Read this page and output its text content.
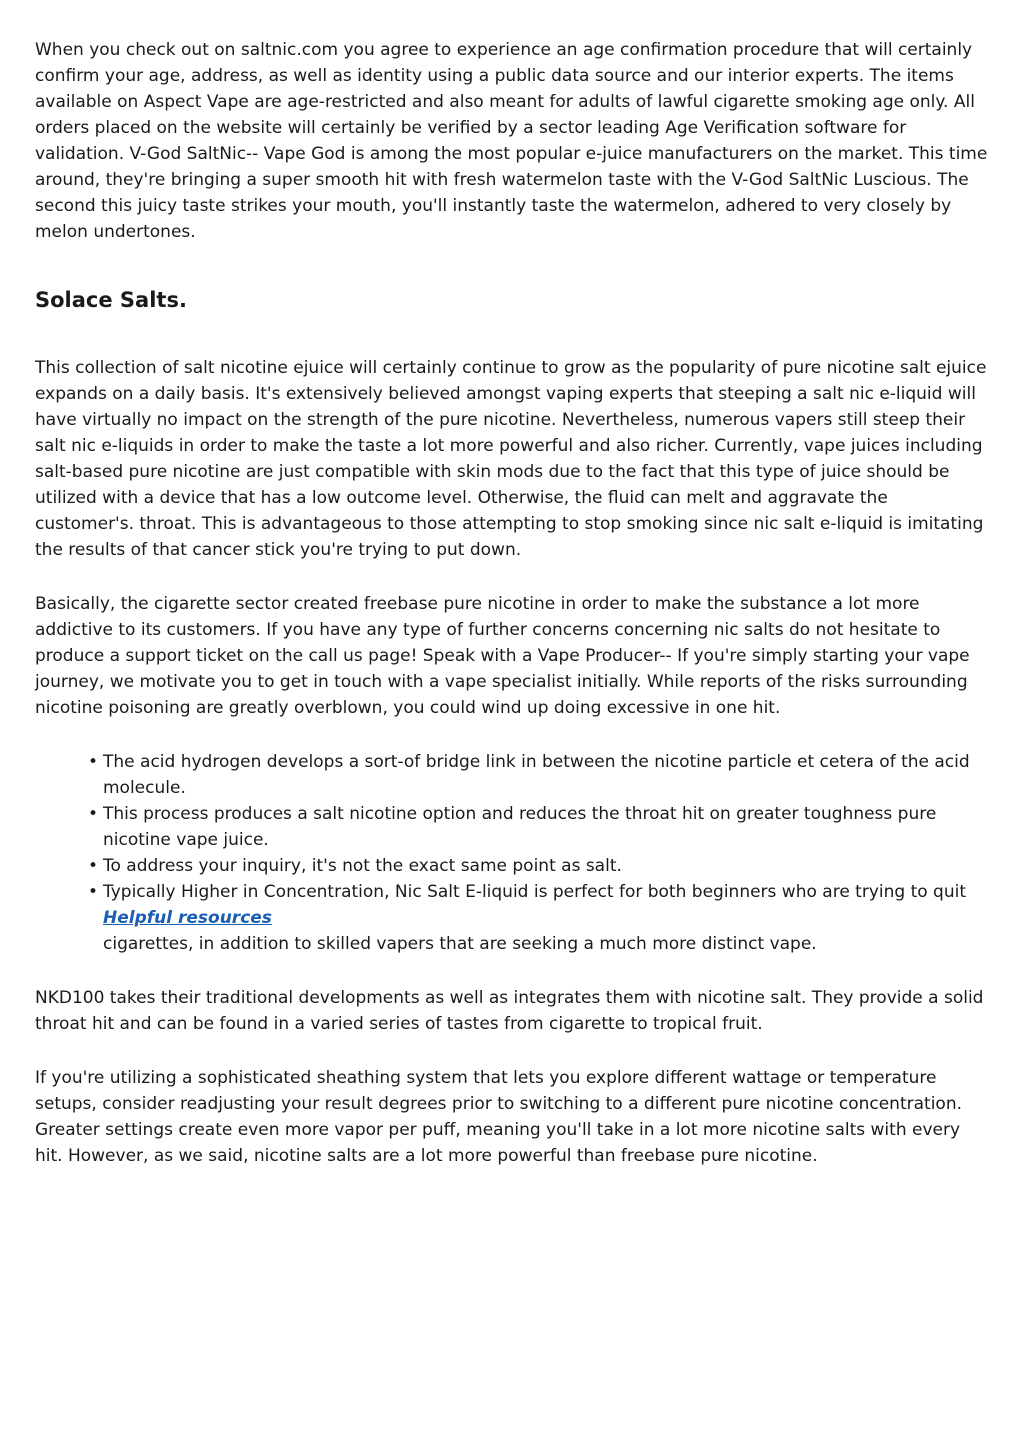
When you check out on saltnic.com you agree to experience an age confirmation procedure that will certainly confirm your age, address, as well as identity using a public data source and our interior experts. The items available on Aspect Vape are age-restricted and also meant for adults of lawful cigarette smoking age only. All orders placed on the website will certainly be verified by a sector leading Age Verification software for validation. V-God SaltNic-- Vape God is among the most popular e-juice manufacturers on the market. This time around, they're bringing a super smooth hit with fresh watermelon taste with the V-God SaltNic Luscious. The second this juicy taste strikes your mouth, you'll instantly taste the watermelon, adhered to very closely by melon undertones.

Solace Salts.

This collection of salt nicotine ejuice will certainly continue to grow as the popularity of pure nicotine salt ejuice expands on a daily basis. It's extensively believed amongst vaping experts that steeping a salt nic e-liquid will have virtually no impact on the strength of the pure nicotine. Nevertheless, numerous vapers still steep their salt nic e-liquids in order to make the taste a lot more powerful and also richer. Currently, vape juices including salt-based pure nicotine are just compatible with skin mods due to the fact that this type of juice should be utilized with a device that has a low outcome level. Otherwise, the fluid can melt and aggravate the customer's. throat. This is advantageous to those attempting to stop smoking since nic salt e-liquid is imitating the results of that cancer stick you're trying to put down.

Basically, the cigarette sector created freebase pure nicotine in order to make the substance a lot more addictive to its customers. If you have any type of further concerns concerning nic salts do not hesitate to produce a support ticket on the call us page! Speak with a Vape Producer-- If you're simply starting your vape journey, we motivate you to get in touch with a vape specialist initially. While reports of the risks surrounding nicotine poisoning are greatly overblown, you could wind up doing excessive in one hit.

• The acid hydrogen develops a sort-of bridge link in between the nicotine particle et cetera of the acid molecule.
• This process produces a salt nicotine option and reduces the throat hit on greater toughness pure nicotine vape juice.
• To address your inquiry, it's not the exact same point as salt.
• Typically Higher in Concentration, Nic Salt E-liquid is perfect for both beginners who are trying to quit
Helpful resources
cigarettes, in addition to skilled vapers that are seeking a much more distinct vape.

NKD100 takes their traditional developments as well as integrates them with nicotine salt. They provide a solid throat hit and can be found in a varied series of tastes from cigarette to tropical fruit.

If you're utilizing a sophisticated sheathing system that lets you explore different wattage or temperature setups, consider readjusting your result degrees prior to switching to a different pure nicotine concentration. Greater settings create even more vapor per puff, meaning you'll take in a lot more nicotine salts with every hit. However, as we said, nicotine salts are a lot more powerful than freebase pure nicotine.
